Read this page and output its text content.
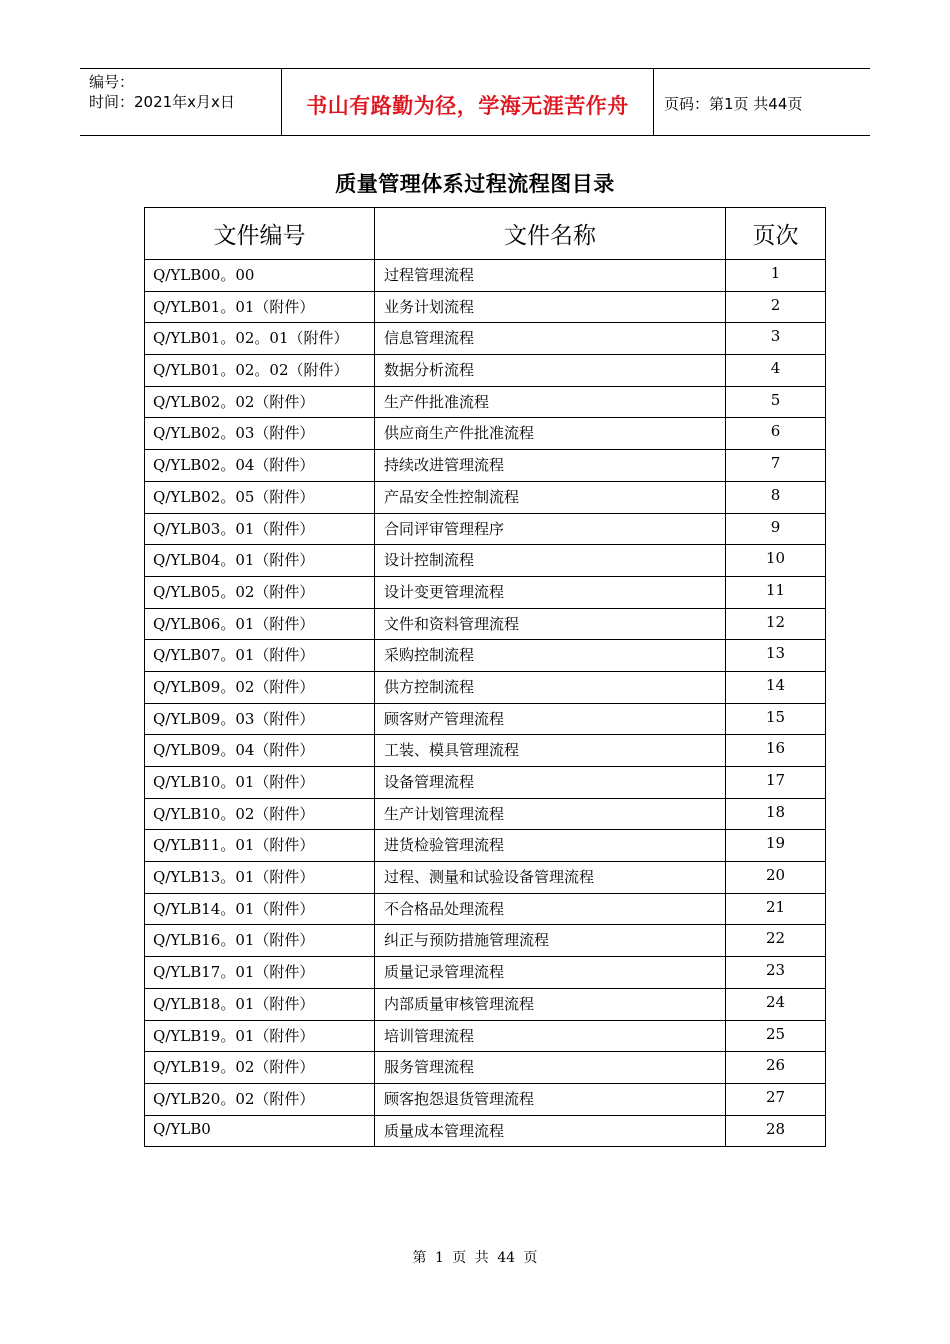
编号：
时间：2021年x月x日	书山有路勤为径，学海无涯苦作舟	页码：第1页 共44页
质量管理体系过程流程图目录
文件编号	文件名称	页次
Q/YLB00。00	过程管理流程	1
Q/YLB01。01（附件）	业务计划流程	2
Q/YLB01。02。01（附件）	信息管理流程	3
Q/YLB01。02。02（附件）	数据分析流程	4
Q/YLB02。02（附件）	生产件批准流程	5
Q/YLB02。03（附件）	供应商生产件批准流程	6
Q/YLB02。04（附件）	持续改进管理流程	7
Q/YLB02。05（附件）	产品安全性控制流程	8
Q/YLB03。01（附件）	合同评审管理程序	9
Q/YLB04。01（附件）	设计控制流程	10
Q/YLB05。02（附件）	设计变更管理流程	11
Q/YLB06。01（附件）	文件和资料管理流程	12
Q/YLB07。01（附件）	采购控制流程	13
Q/YLB09。02（附件）	供方控制流程	14
Q/YLB09。03（附件）	顾客财产管理流程	15
Q/YLB09。04（附件）	工装、模具管理流程	16
Q/YLB10。01（附件）	设备管理流程	17
Q/YLB10。02（附件）	生产计划管理流程	18
Q/YLB11。01（附件）	进货检验管理流程	19
Q/YLB13。01（附件）	过程、测量和试验设备管理流程	20
Q/YLB14。01（附件）	不合格品处理流程	21
Q/YLB16。01（附件）	纠正与预防措施管理流程	22
Q/YLB17。01（附件）	质量记录管理流程	23
Q/YLB18。01（附件）	内部质量审核管理流程	24
Q/YLB19。01（附件）	培训管理流程	25
Q/YLB19。02（附件）	服务管理流程	26
Q/YLB20。02（附件）	顾客抱怨退货管理流程	27
Q/YLB0	质量成本管理流程	28
第 1 页 共 44 页
